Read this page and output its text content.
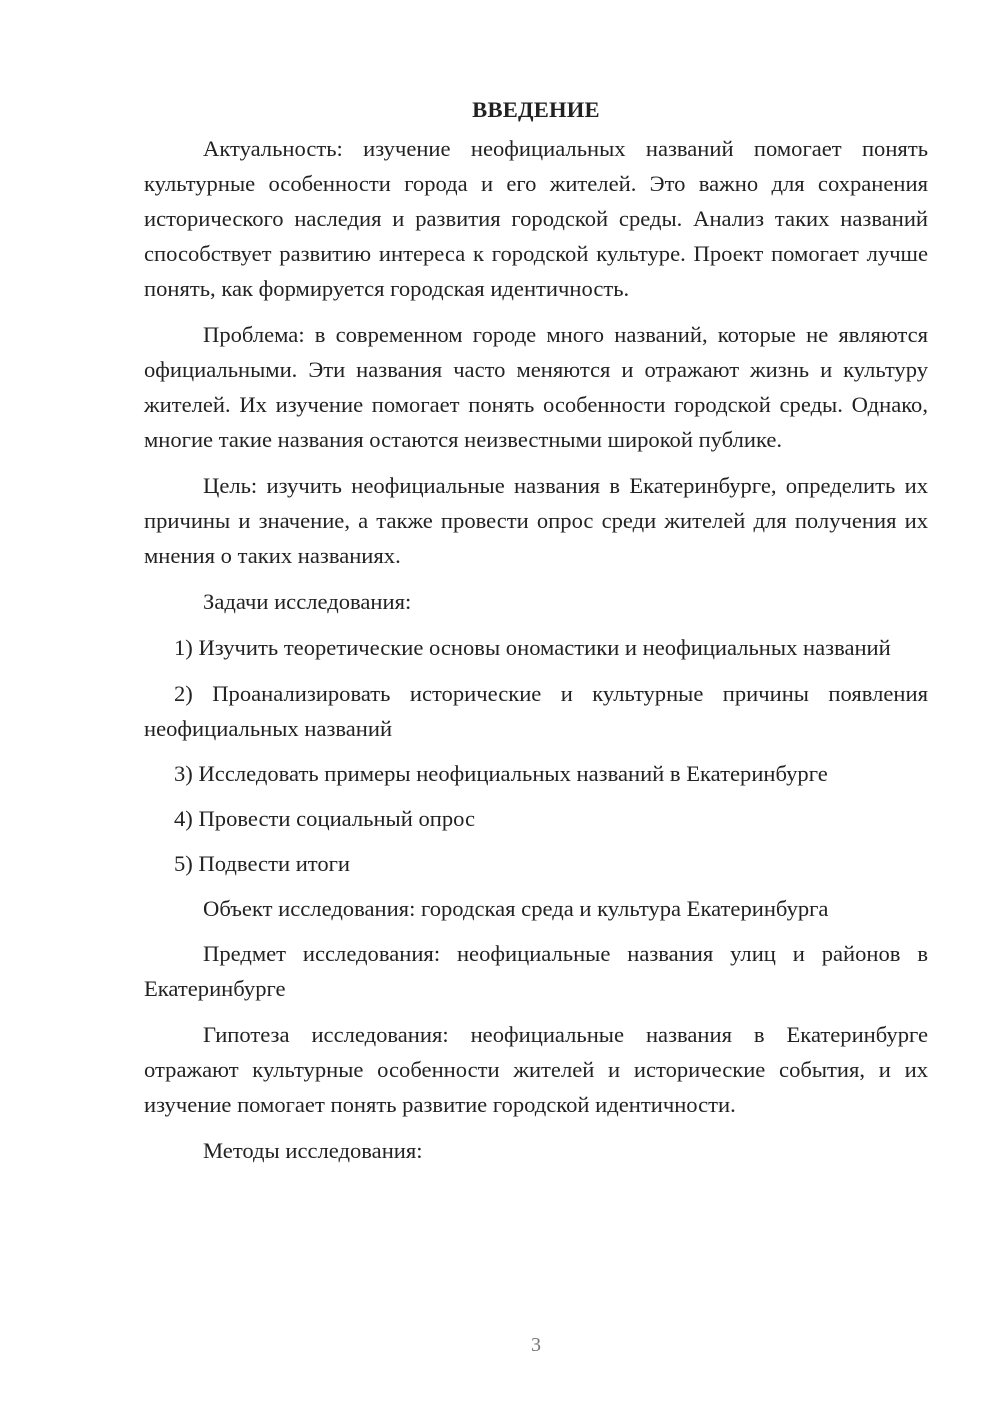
ВВЕДЕНИЕ

Актуальность: изучение неофициальных названий помогает понять культурные особенности города и его жителей. Это важно для сохранения исторического наследия и развития городской среды. Анализ таких названий способствует развитию интереса к городской культуре. Проект помогает лучше понять, как формируется городская идентичность.

Проблема: в современном городе много названий, которые не являются официальными. Эти названия часто меняются и отражают жизнь и культуру жителей. Их изучение помогает понять особенности городской среды. Однако, многие такие названия остаются неизвестными широкой публике.

Цель: изучить неофициальные названия в Екатеринбурге, определить их причины и значение, а также провести опрос среди жителей для получения их мнения о таких названиях.

Задачи исследования:

1) Изучить теоретические основы ономастики и неофициальных названий
2) Проанализировать исторические и культурные причины появления неофициальных названий
3) Исследовать примеры неофициальных названий в Екатеринбурге
4) Провести социальный опрос
5) Подвести итоги

Объект исследования: городская среда и культура Екатеринбурга

Предмет исследования: неофициальные названия улиц и районов в Екатеринбурге

Гипотеза исследования: неофициальные названия в Екатеринбурге отражают культурные особенности жителей и исторические события, и их изучение помогает понять развитие городской идентичности.

Методы исследования:

3
